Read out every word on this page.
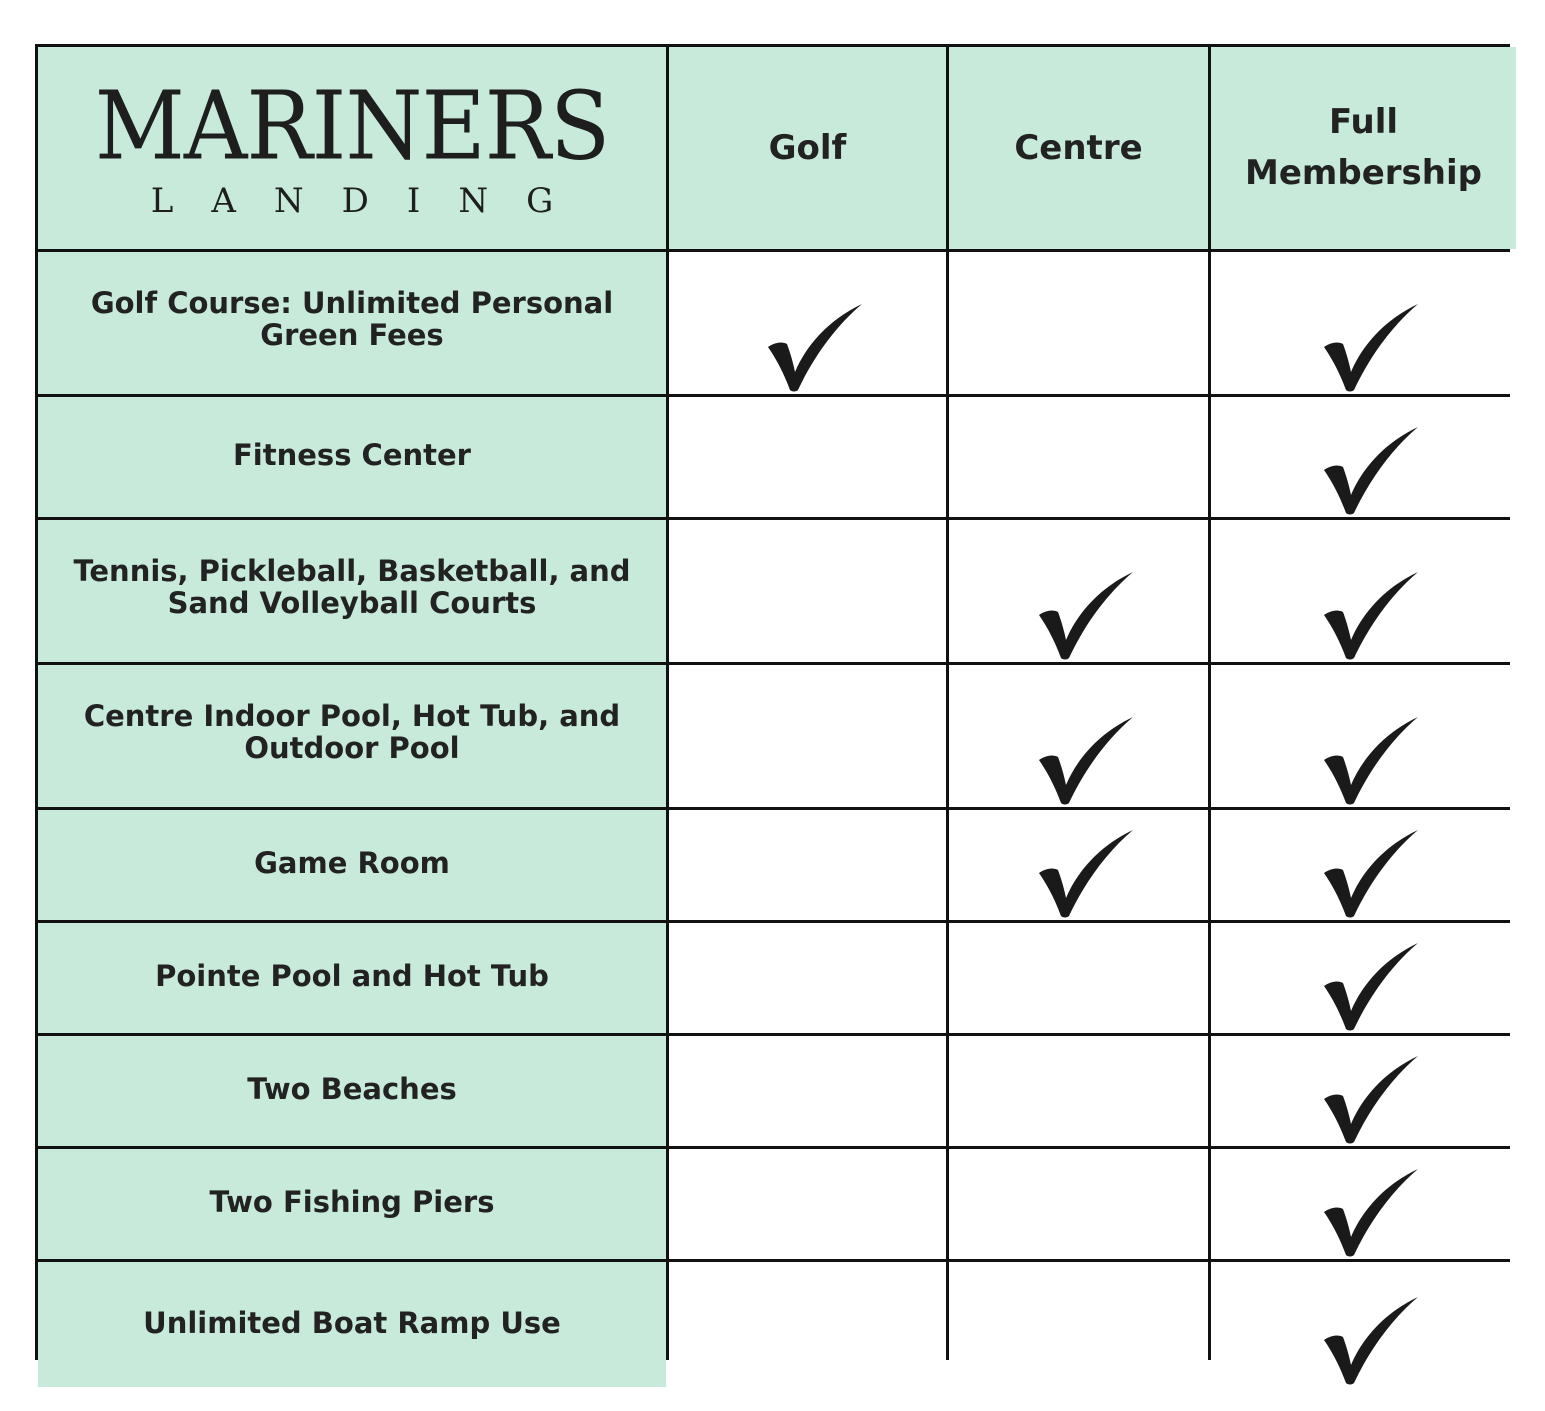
MARINERS
LANDING
Golf	Centre
Full
Membership
Golf Course: Unlimited Personal
Green Fees
Fitness Center
Tennis, Pickleball, Basketball, and
Sand Volleyball Courts
Centre Indoor Pool, Hot Tub, and
Outdoor Pool
Game Room
Pointe Pool and Hot Tub
Two Beaches
Two Fishing Piers
Unlimited Boat Ramp Use
